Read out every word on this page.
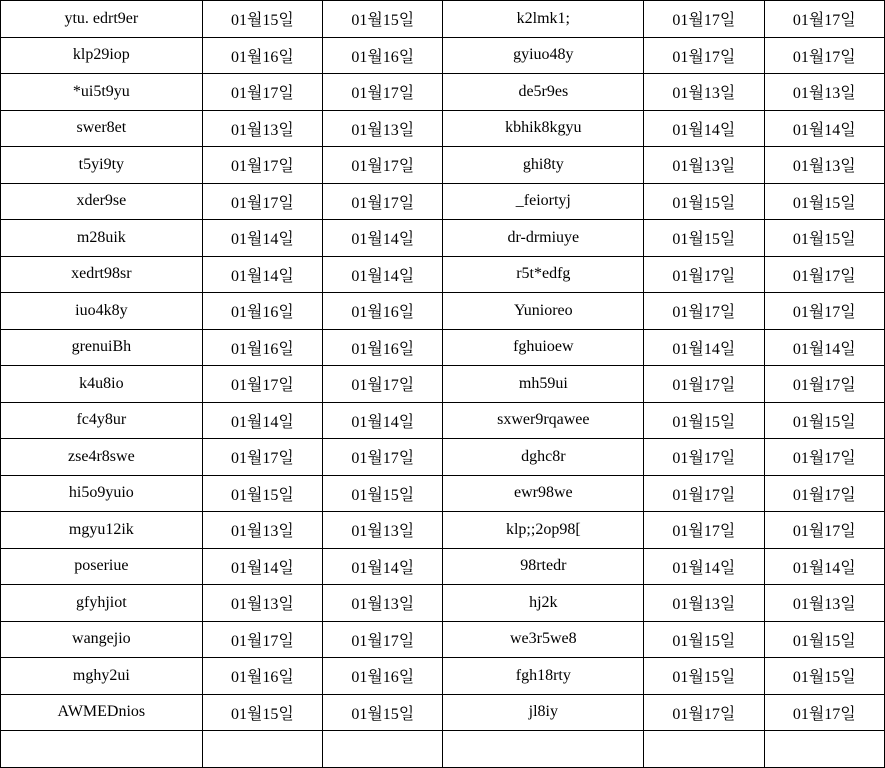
ytu. edrt9er	01월15일	01월15일	k2lmk1;	01월17일	01월17일
klp29iop	01월16일	01월16일	gyiuo48y	01월17일	01월17일
*ui5t9yu	01월17일	01월17일	de5r9es	01월13일	01월13일
swer8et	01월13일	01월13일	kbhik8kgyu	01월14일	01월14일
t5yi9ty	01월17일	01월17일	ghi8ty	01월13일	01월13일
xder9se	01월17일	01월17일	_feiortyj	01월15일	01월15일
m28uik	01월14일	01월14일	dr-drmiuye	01월15일	01월15일
xedrt98sr	01월14일	01월14일	r5t*edfg	01월17일	01월17일
iuo4k8y	01월16일	01월16일	Yunioreo	01월17일	01월17일
grenuiBh	01월16일	01월16일	fghuioew	01월14일	01월14일
k4u8io	01월17일	01월17일	mh59ui	01월17일	01월17일
fc4y8ur	01월14일	01월14일	sxwer9rqawee	01월15일	01월15일
zse4r8swe	01월17일	01월17일	dghc8r	01월17일	01월17일
hi5o9yuio	01월15일	01월15일	ewr98we	01월17일	01월17일
mgyu12ik	01월13일	01월13일	klp;;2op98[	01월17일	01월17일
poseriue	01월14일	01월14일	98rtedr	01월14일	01월14일
gfyhjiot	01월13일	01월13일	hj2k	01월13일	01월13일
wangejio	01월17일	01월17일	we3r5we8	01월15일	01월15일
mghy2ui	01월16일	01월16일	fgh18rty	01월15일	01월15일
AWMEDnios	01월15일	01월15일	jl8iy	01월17일	01월17일
